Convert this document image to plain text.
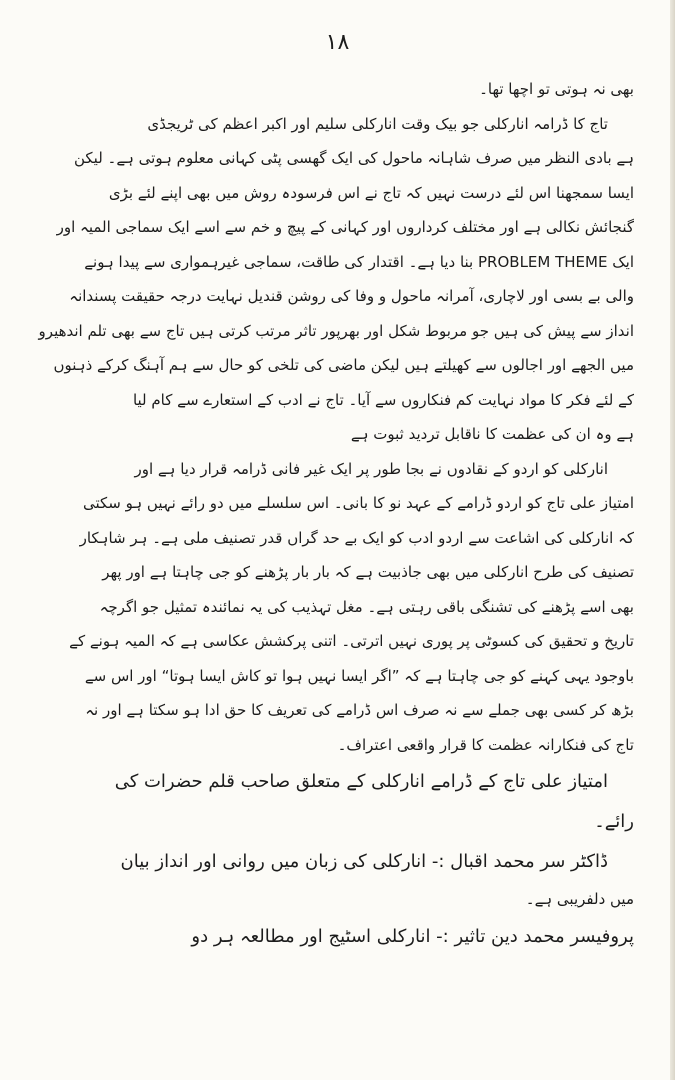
۱۸
بھی نہ ہوتی تو اچھا تھا۔
تاج کا ڈرامہ انارکلی جو بیک وقت انارکلی سلیم اور اکبر اعظم کی ٹریجڈی
ہے بادی النظر میں صرف شاہانہ ماحول کی ایک گھسی پٹی کہانی معلوم ہوتی ہے۔ لیکن
ایسا سمجھنا اس لئے درست نہیں کہ تاج نے اس فرسودہ روش میں بھی اپنے لئے بڑی
گنجائش نکالی ہے اور مختلف کرداروں اور کہانی کے پیچ و خم سے اسے ایک سماجی المیہ اور
ایک PROBLEM THEME بنا دیا ہے۔ اقتدار کی طاقت، سماجی غیرہمواری سے پیدا ہونے
والی بے بسی اور لاچاری، آمرانہ ماحول و وفا کی روشن قندیل نہایت درجہ حقیقت پسندانہ
انداز سے پیش کی ہیں جو مربوط شکل اور بھرپور تاثر مرتب کرتی ہیں تاج سے بھی تلم اندھیرو
میں الجھے اور اجالوں سے کھیلتے ہیں لیکن ماضی کی تلخی کو حال سے ہم آہنگ کرکے ذہنوں
کے لئے فکر کا مواد نہایت کم فنکاروں سے آیا۔ تاج نے ادب کے استعارے سے کام لیا
ہے وہ ان کی عظمت کا ناقابل تردید ثبوت ہے
انارکلی کو اردو کے نقادوں نے بجا طور پر ایک غیر فانی ڈرامہ قرار دیا ہے اور
امتیاز علی تاج کو اردو ڈرامے کے عہد نو کا بانی۔ اس سلسلے میں دو رائے نہیں ہو سکتی
کہ انارکلی کی اشاعت سے اردو ادب کو ایک بے حد گراں قدر تصنیف ملی ہے۔ ہر شاہکار
تصنیف کی طرح انارکلی میں بھی جاذبیت ہے کہ بار بار پڑھنے کو جی چاہتا ہے اور پھر
بھی اسے پڑھنے کی تشنگی باقی رہتی ہے۔ مغل تہذیب کی یہ نمائندہ تمثیل جو اگرچہ
تاریخ و تحقیق کی کسوٹی پر پوری نہیں اترتی۔ اتنی پرکشش عکاسی ہے کہ المیہ ہونے کے
باوجود یہی کہنے کو جی چاہتا ہے کہ ”اگر ایسا نہیں ہوا تو کاش ایسا ہوتا“ اور اس سے
بڑھ کر کسی بھی جملے سے نہ صرف اس ڈرامے کی تعریف کا حق ادا ہو سکتا ہے اور نہ
تاج کی فنکارانہ عظمت کا قرار واقعی اعتراف۔
امتیاز علی تاج کے ڈرامے انارکلی کے متعلق صاحب قلم حضرات کی
رائے۔
ڈاکٹر سر محمد اقبال :- انارکلی کی زبان میں روانی اور انداز بیان
میں دلفریبی ہے۔
پروفیسر محمد دین تاثیر :- انارکلی اسٹیج اور مطالعہ ہر دو
